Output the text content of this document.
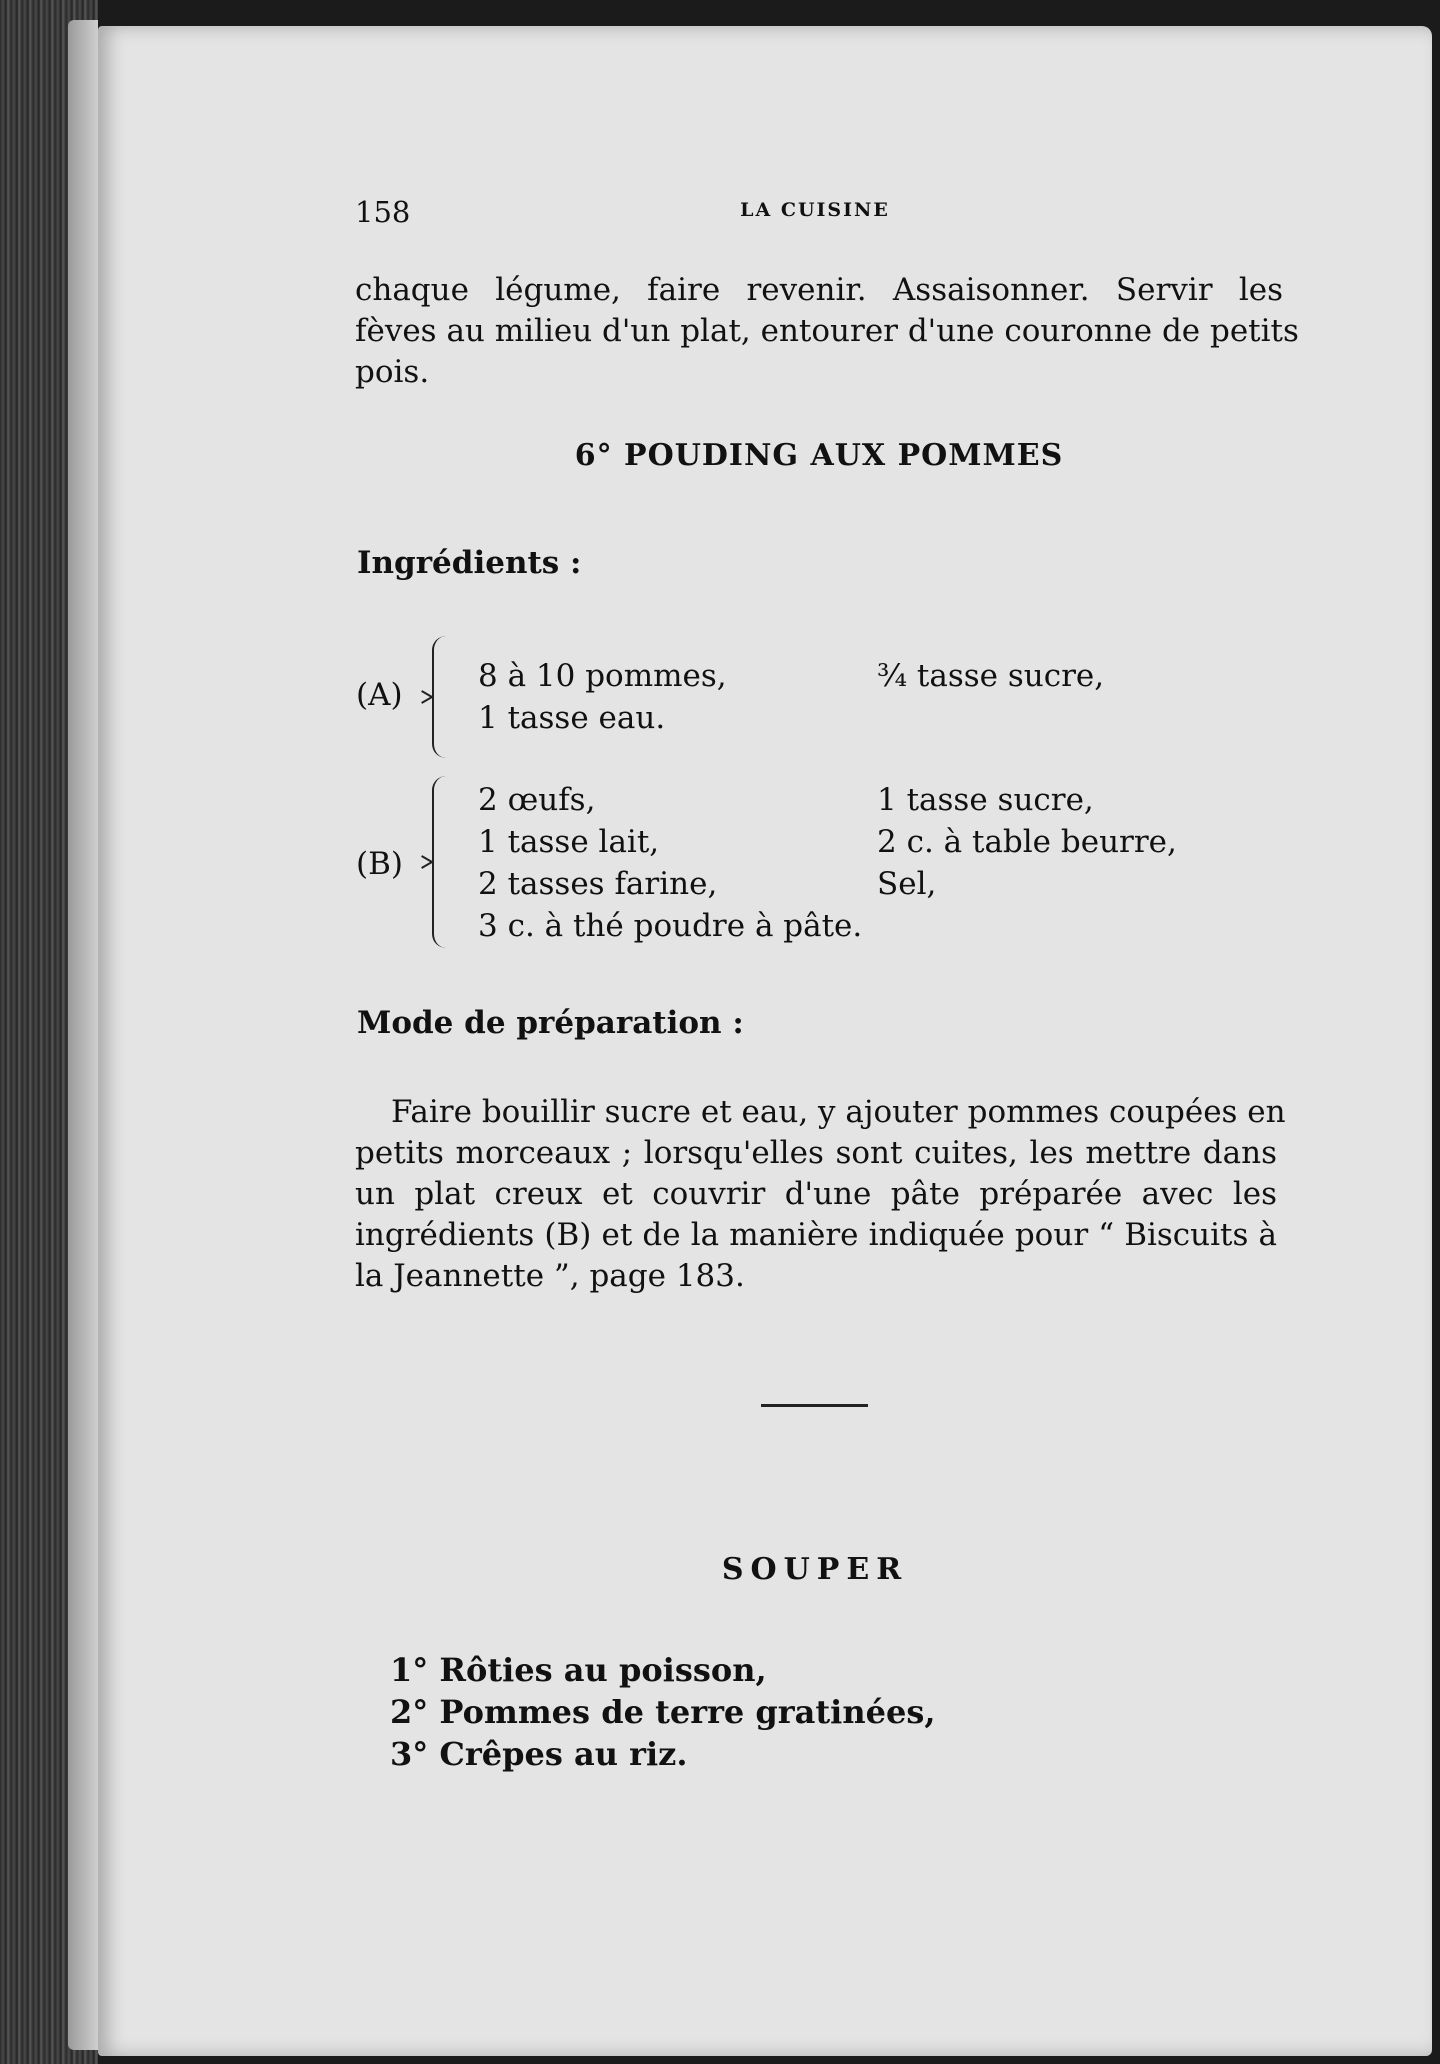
158	LA CUISINE
chaque légume, faire revenir. Assaisonner. Servir les
fèves au milieu d'un plat, entourer d'une couronne de petits
pois.
6° POUDING AUX POMMES
Ingrédients :
(A)
8 à 10 pommes,
1 tasse eau.
¾ tasse sucre,
(B)
2 œufs,
1 tasse lait,
2 tasses farine,
3 c. à thé poudre à pâte.
1 tasse sucre,
2 c. à table beurre,
Sel,
Mode de préparation :
Faire bouillir sucre et eau, y ajouter pommes coupées en
petits morceaux ; lorsqu'elles sont cuites, les mettre dans
un plat creux et couvrir d'une pâte préparée avec les
ingrédients (B) et de la manière indiquée pour “ Biscuits à
la Jeannette ”, page 183.
SOUPER
1° Rôties au poisson,
2° Pommes de terre gratinées,
3° Crêpes au riz.
